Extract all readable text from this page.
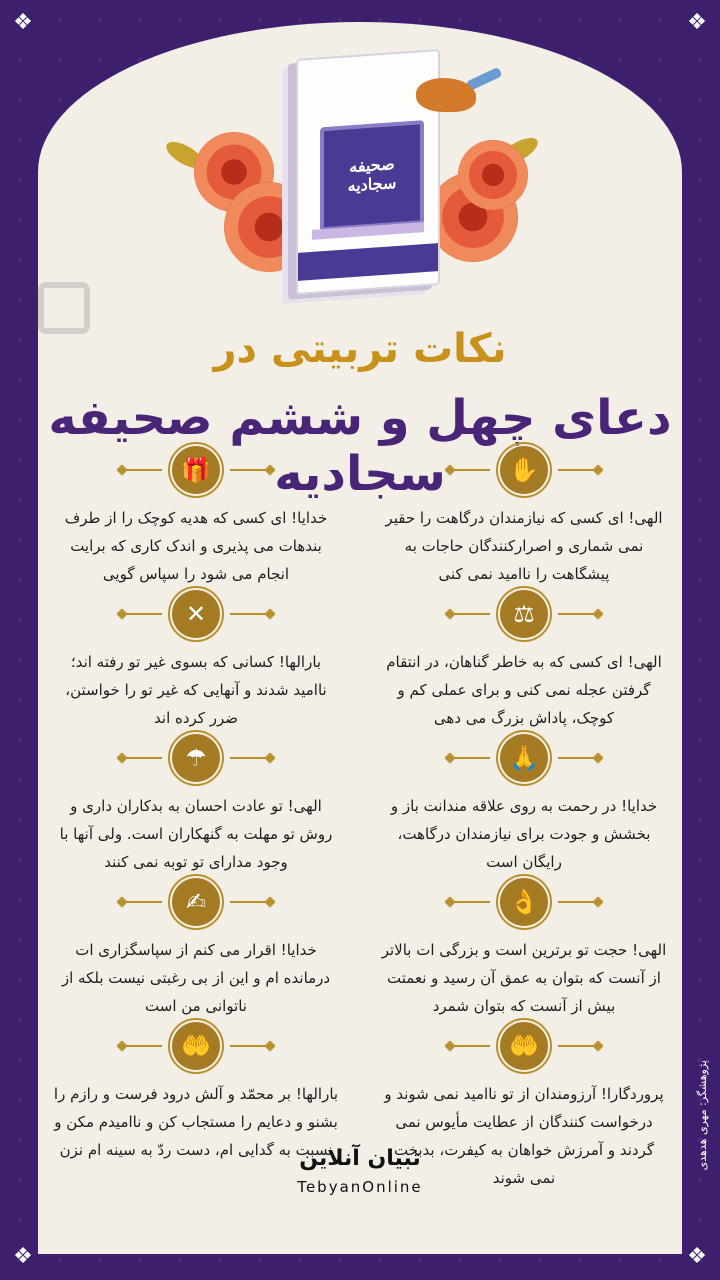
❖	❖
❖	❖
پژوهشگر: مهری هدهدی
صحیفه سجادیه
نکات تربیتی در
دعای چهل و ششم صحیفه سجادیه	✋
الهی! ای کسی که نیازمندان درگاهت را حقیر نمی شماری و اصرارکنندگان حاجات به پیشگاهت را ناامید نمی کنی
🎁
خدایا! ای کسی که هدیه کوچک را از طرف بندهات می پذیری و اندک کاری که برایت انجام می شود را سپاس گویی
⚖
الهی! ای کسی که به خاطر گناهان، در انتقام گرفتن عجله نمی کنی و برای عملی کم و کوچک، پاداش بزرگ می دهی
✕
بارالها! کسانی که بسوی غیر تو رفته اند؛ ناامید شدند و آنهایی که غیر تو را خواستن، ضرر کرده اند
🙏
خدایا! در رحمت به روی علاقه مندانت باز و بخشش و جودت برای نیازمندان درگاهت، رایگان است
☂
الهی! تو عادت احسان به بدکاران داری و روش تو مهلت به گنهکاران است. ولی آنها با وجود مدارای تو توبه نمی کنند
👌
الهی! حجت تو برترین است و بزرگی ات بالاتر از آنست که بتوان به عمق آن رسید و نعمتت بیش از آنست که بتوان شمرد
✍
خدایا! اقرار می کنم از سپاسگزاری ات درمانده ام و این از بی رغبتی نیست بلکه از ناتوانی من است
🤲
پروردگارا! آرزومندان از تو ناامید نمی شوند و درخواست کنندگان از عطایت مأیوس نمی گردند و آمرزش خواهان به کیفرت، بدبخت نمی شوند
🤲
بارالها! بر محمّد و آلش درود فرست و رازم را بشنو و دعایم را مستجاب کن و ناامیدم مکن و نسبت به گدایی ام، دست ردّ به سینه ام نزن
تبیان آنلاین
TebyanOnline
